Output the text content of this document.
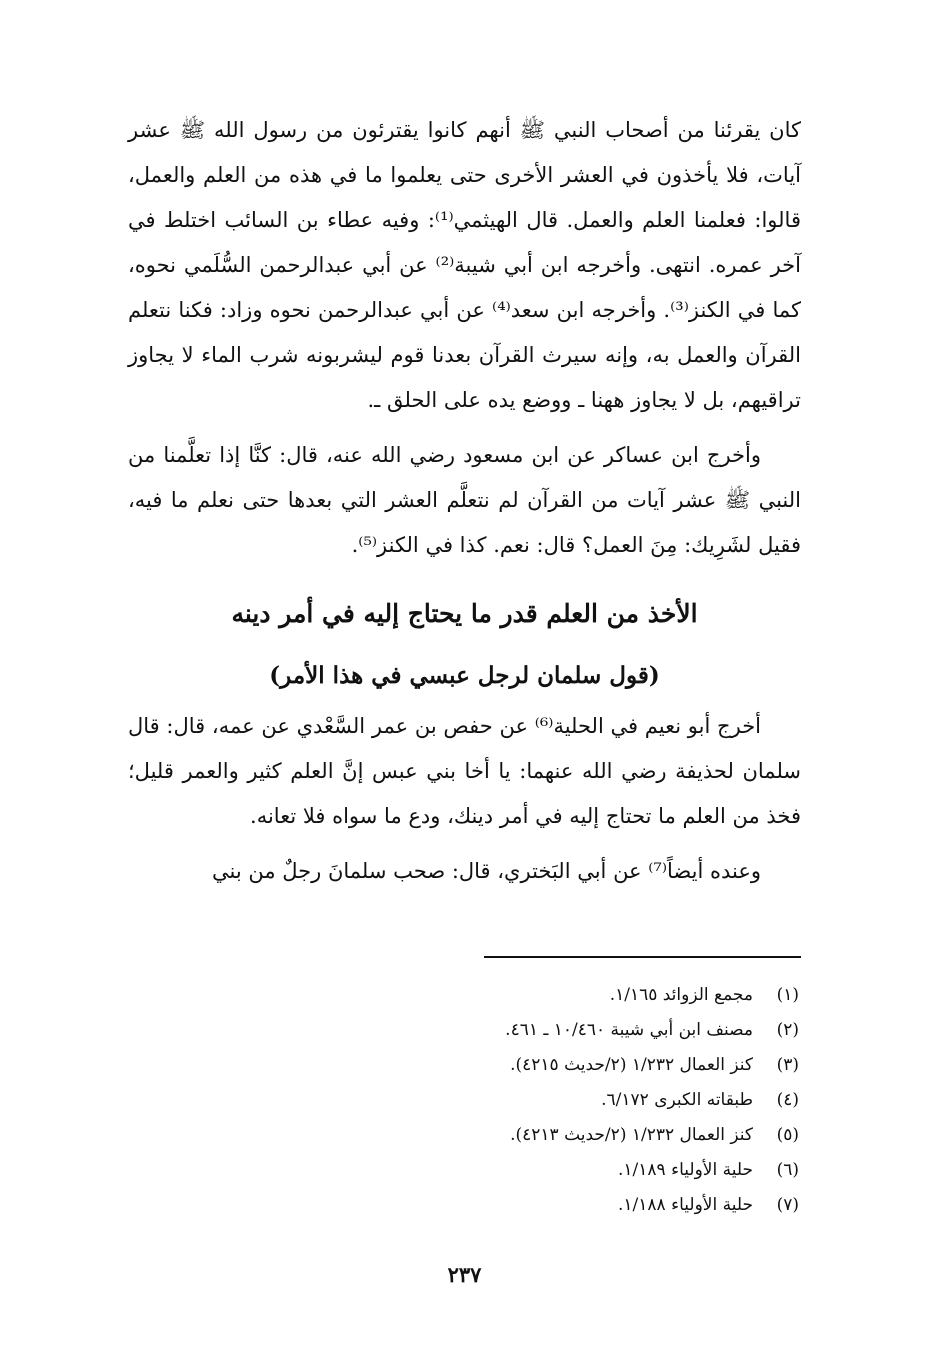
كان يقرئنا من أصحاب النبي ﷺ أنهم كانوا يقترئون من رسول الله ﷺ عشر آيات، فلا يأخذون في العشر الأخرى حتى يعلموا ما في هذه من العلم والعمل، قالوا: فعلمنا العلم والعمل. قال الهيثمي⁽¹⁾: وفيه عطاء بن السائب اختلط في آخر عمره. انتهى. وأخرجه ابن أبي شيبة⁽²⁾ عن أبي عبدالرحمن السُّلَمي نحوه، كما في الكنز⁽³⁾. وأخرجه ابن سعد⁽⁴⁾ عن أبي عبدالرحمن نحوه وزاد: فكنا نتعلم القرآن والعمل به، وإنه سيرث القرآن بعدنا قوم ليشربونه شرب الماء لا يجاوز تراقيهم، بل لا يجاوز ههنا ـ ووضع يده على الحلق ـ.

وأخرج ابن عساكر عن ابن مسعود رضي الله عنه، قال: كنَّا إذا تعلَّمنا من النبي ﷺ عشر آيات من القرآن لم نتعلَّم العشر التي بعدها حتى نعلم ما فيه، فقيل لشَرِيك: مِنَ العمل؟ قال: نعم. كذا في الكنز⁽⁵⁾.

الأخذ من العلم قدر ما يحتاج إليه في أمر دينه
(قول سلمان لرجل عبسي في هذا الأمر)

أخرج أبو نعيم في الحلية⁽⁶⁾ عن حفص بن عمر السَّعْدي عن عمه، قال: قال سلمان لحذيفة رضي الله عنهما: يا أخا بني عبس إنَّ العلم كثير والعمر قليل؛ فخذ من العلم ما تحتاج إليه في أمر دينك، ودع ما سواه فلا تعانه.

وعنده أيضاً⁽⁷⁾ عن أبي البَختري، قال: صحب سلمانَ رجلٌ من بني

(١)
مجمع الزوائد ١/١٦٥.
(٢)
مصنف ابن أبي شيبة ١٠/٤٦٠ ـ ٤٦١.
(٣)
كنز العمال ١/٢٣٢ (٢/حديث ٤٢١٥).
(٤)
طبقاته الكبرى ٦/١٧٢.
(٥)
كنز العمال ١/٢٣٢ (٢/حديث ٤٢١٣).
(٦)
حلية الأولياء ١/١٨٩.
(٧)
حلية الأولياء ١/١٨٨.
٢٣٧
